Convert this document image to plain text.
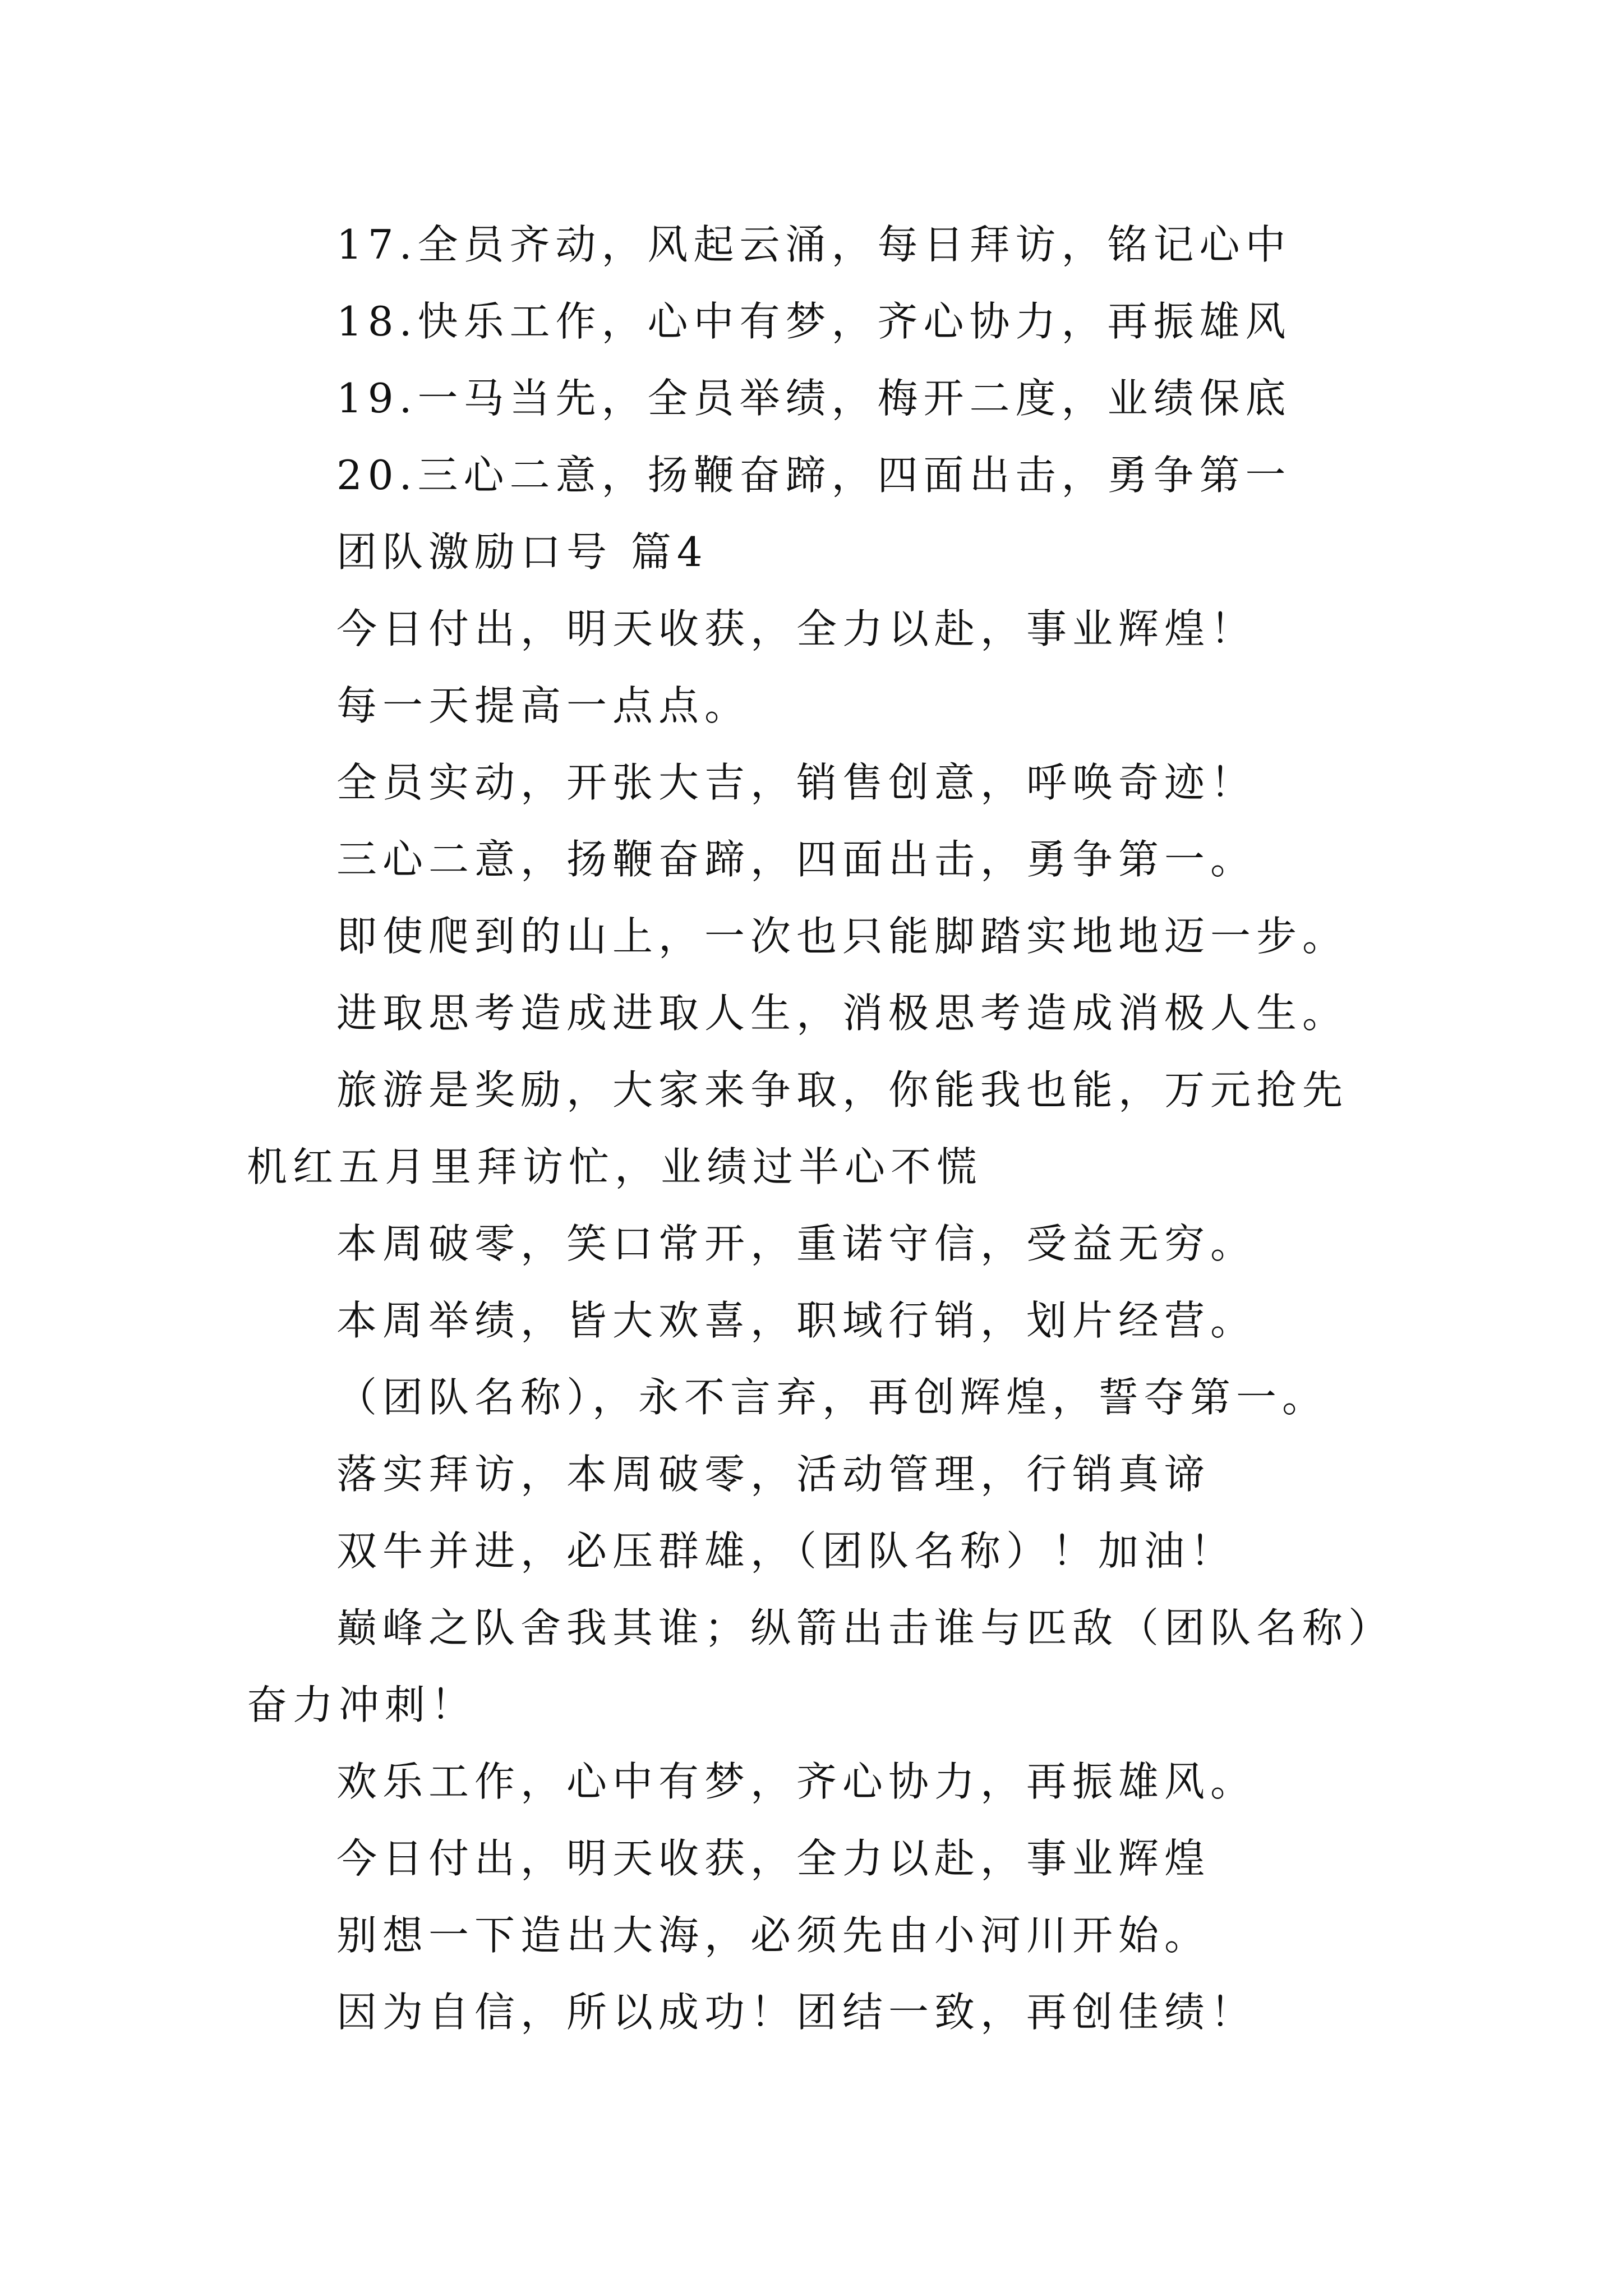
17.全员齐动，风起云涌，每日拜访，铭记心中

18.快乐工作，心中有梦，齐心协力，再振雄风

19.一马当先，全员举绩，梅开二度，业绩保底

20.三心二意，扬鞭奋蹄，四面出击，勇争第一

团队激励口号 篇4

今日付出，明天收获，全力以赴，事业辉煌！

每一天提高一点点。

全员实动，开张大吉，销售创意，呼唤奇迹！

三心二意，扬鞭奋蹄，四面出击，勇争第一。

即使爬到的山上，一次也只能脚踏实地地迈一步。

进取思考造成进取人生，消极思考造成消极人生。

旅游是奖励，大家来争取，你能我也能，万元抢先机红五月里拜访忙，业绩过半心不慌

本周破零，笑口常开，重诺守信，受益无穷。

本周举绩，皆大欢喜，职域行销，划片经营。

（团队名称），永不言弃，再创辉煌，誓夺第一。

落实拜访，本周破零，活动管理，行销真谛

双牛并进，必压群雄，（团队名称）！加油！

巅峰之队舍我其谁；纵箭出击谁与匹敌（团队名称）奋力冲刺！

欢乐工作，心中有梦，齐心协力，再振雄风。

今日付出，明天收获，全力以赴，事业辉煌

别想一下造出大海，必须先由小河川开始。

因为自信，所以成功！团结一致，再创佳绩！
